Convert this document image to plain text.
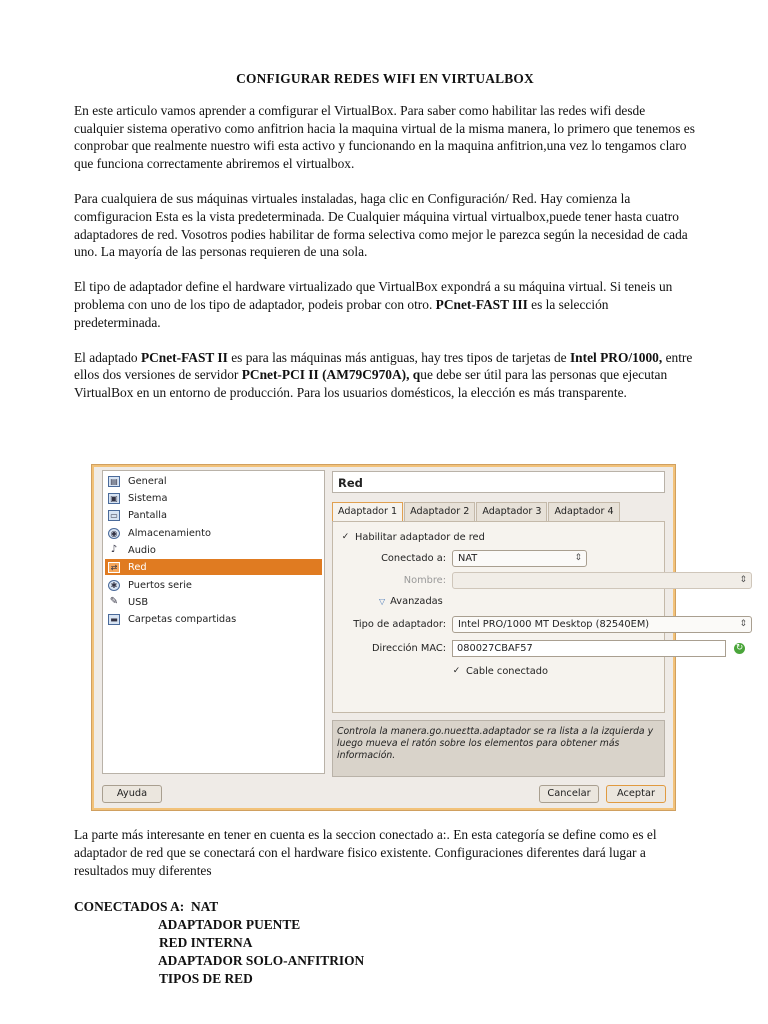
CONFIGURAR REDES WIFI EN VIRTUALBOX

En este articulo vamos aprender a comfigurar el VirtualBox. Para saber como habilitar las redes wifi desde cualquier sistema operativo como anfitrion hacia la maquina virtual de la misma manera, lo primero que tenemos es conprobar que realmente nuestro wifi esta activo y funcionando en la maquina anfitrion,una vez lo tengamos claro que funciona correctamente abriremos el virtualbox.

Para cualquiera de sus máquinas virtuales instaladas, haga clic en Configuración/ Red. Hay comienza la comfiguracion Esta es la vista predeterminada. De Cualquier máquina virtual virtualbox,puede tener hasta cuatro adaptadores de red. Vosotros podies habilitar de forma selectiva como mejor le parezca según la necesidad de cada uno. La mayoría de las personas requieren de una sola.

El tipo de adaptador define el hardware virtualizado que VirtualBox expondrá a su máquina virtual. Si teneis un problema con uno de los tipo de adaptador, podeis probar con otro. PCnet-FAST III es la selección predeterminada.

El adaptado PCnet-FAST II es para las máquinas más antiguas, hay tres tipos de tarjetas de Intel PRO/1000, entre ellos dos versiones de servidor PCnet-PCI II (AM79C970A), que debe ser útil para las personas que ejecutan VirtualBox en un entorno de producción. Para los usuarios domésticos, la elección es más transparente.

▤ General
▣ Sistema
▭ Pantalla
◉ Almacenamiento
♪ Audio
⇄ Red
✱ Puertos serie
✎ USB
▬ Carpetas compartidas
Red
Adaptador 1	Adaptador 2	Adaptador 3	Adaptador 4
✓ Habilitar adaptador de red
Conectado a:	NAT	⇕
Nombre:	⇕
▽ Avanzadas
Tipo de adaptador:	Intel PRO/1000 MT Desktop (82540EM)	⇕
Dirección MAC:	080027CBAF57	↻
✓ Cable conectado
Controla la manera.go.nueεtta.adaptador se ra lista a la izquierda y luego mueva el ratón sobre los elementos para obtener más información.
Ayuda	Cancelar	Aceptar

La parte más interesante en tener en cuenta es la seccion conectado a:. En esta categoría se define como es el adaptador de red que se conectará con el hardware fisico existente. Configuraciones diferentes dará lugar a resultados muy diferentes

CONECTADOS A: NAT
ADAPTADOR PUENTE
RED INTERNA
ADAPTADOR SOLO-ANFITRION
TIPOS DE RED
